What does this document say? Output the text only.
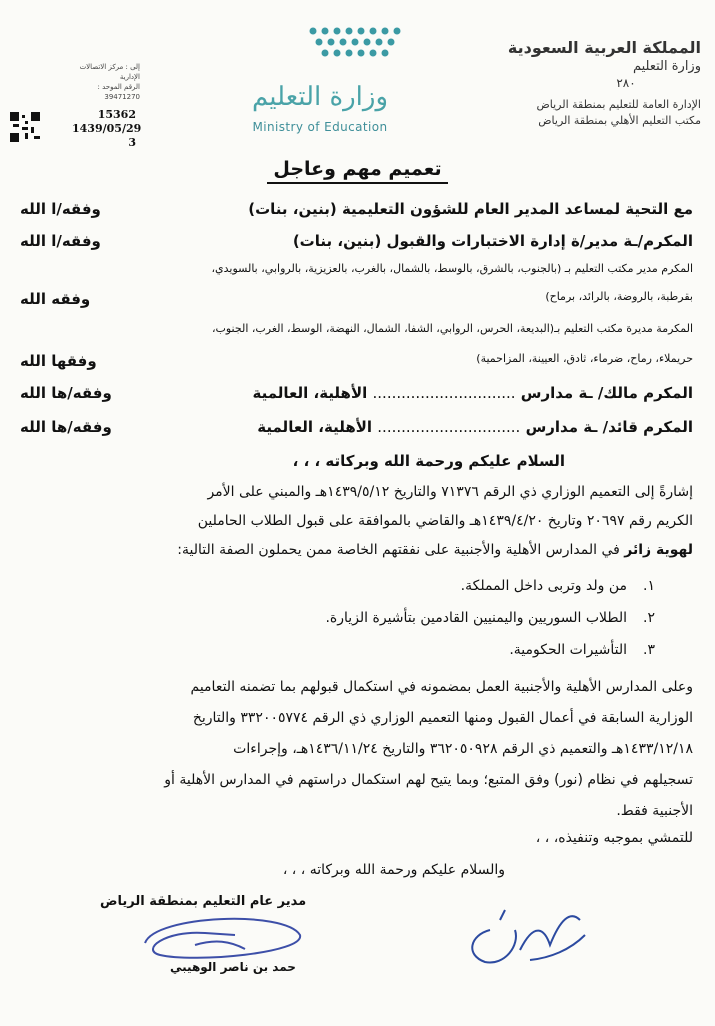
المملكة العربية السعودية
وزارة التعليم
٢٨٠
الإدارة العامة للتعليم بمنطقة الرياض
مكتب التعليم الأهلي بمنطقة الرياض
وزارة التعليم
Ministry of Education
إلى : مركز الاتصالات الإدارية
الرقم الموحد : 39471270
15362
1439/05/29
3
تعميم مهم وعاجل
مع التحية لمساعد المدير العام للشؤون التعليمية (بنين، بنات)
وفقه/ا الله
المكرم/ـة مدير/ة إدارة الاختبارات والقبول (بنين، بنات)
وفقه/ا الله
المكرم مدير مكتب التعليم بـ (بالجنوب، بالشرق، بالوسط، بالشمال، بالغرب، بالعزيزية، بالروابي، بالسويدي،
بقرطبة، بالروضة، بالرائد، برماح)
وفقه الله
المكرمة مديرة مكتب التعليم بـ(البديعة، الحرس، الروابي، الشفا، الشمال، النهضة، الوسط، الغرب، الجنوب،
حريملاء، رماح، ضرماء، ثادق، العيينة، المزاحمية)
وفقها الله
المكرم مالك/ ـة مدارس .............................. الأهلية، العالمية
وفقه/ها الله
المكرم قائد/ ـة مدارس .............................. الأهلية، العالمية
وفقه/ها الله
السلام عليكم ورحمة الله وبركاته ، ، ،
إشارةً إلى التعميم الوزاري ذي الرقم ٧١٣٧٦ والتاريخ ١٤٣٩/٥/١٢هـ والمبني على الأمر
الكريم رقم ٢٠٦٩٧ وتاريخ ١٤٣٩/٤/٢٠هـ والقاضي بالموافقة على قبول الطلاب الحاملين
لهوية زائر في المدارس الأهلية والأجنبية على نفقتهم الخاصة ممن يحملون الصفة التالية:
١.من ولد وتربى داخل المملكة.
٢.الطلاب السوريين واليمنيين القادمين بتأشيرة الزيارة.
٣.التأشيرات الحكومية.
وعلى المدارس الأهلية والأجنبية العمل بمضمونه في استكمال قبولهم بما تضمنه التعاميم
الوزارية السابقة في أعمال القبول ومنها التعميم الوزاري ذي الرقم ٣٣٢٠٠٥٧٧٤ والتاريخ
١٤٣٣/١٢/١٨هـ والتعميم ذي الرقم ٣٦٢٠٥٠٩٢٨ والتاريخ ١٤٣٦/١١/٢٤هـ، وإجراءات
تسجيلهم في نظام (نور) وفق المتبع؛ وبما يتيح لهم استكمال دراستهم في المدارس الأهلية أو
الأجنبية فقط.
للتمشي بموجبه وتنفيذه، ، ،
والسلام عليكم ورحمة الله وبركاته ، ، ،
مدير عام التعليم بمنطقة الرياض
حمد بن ناصر الوهيبي
